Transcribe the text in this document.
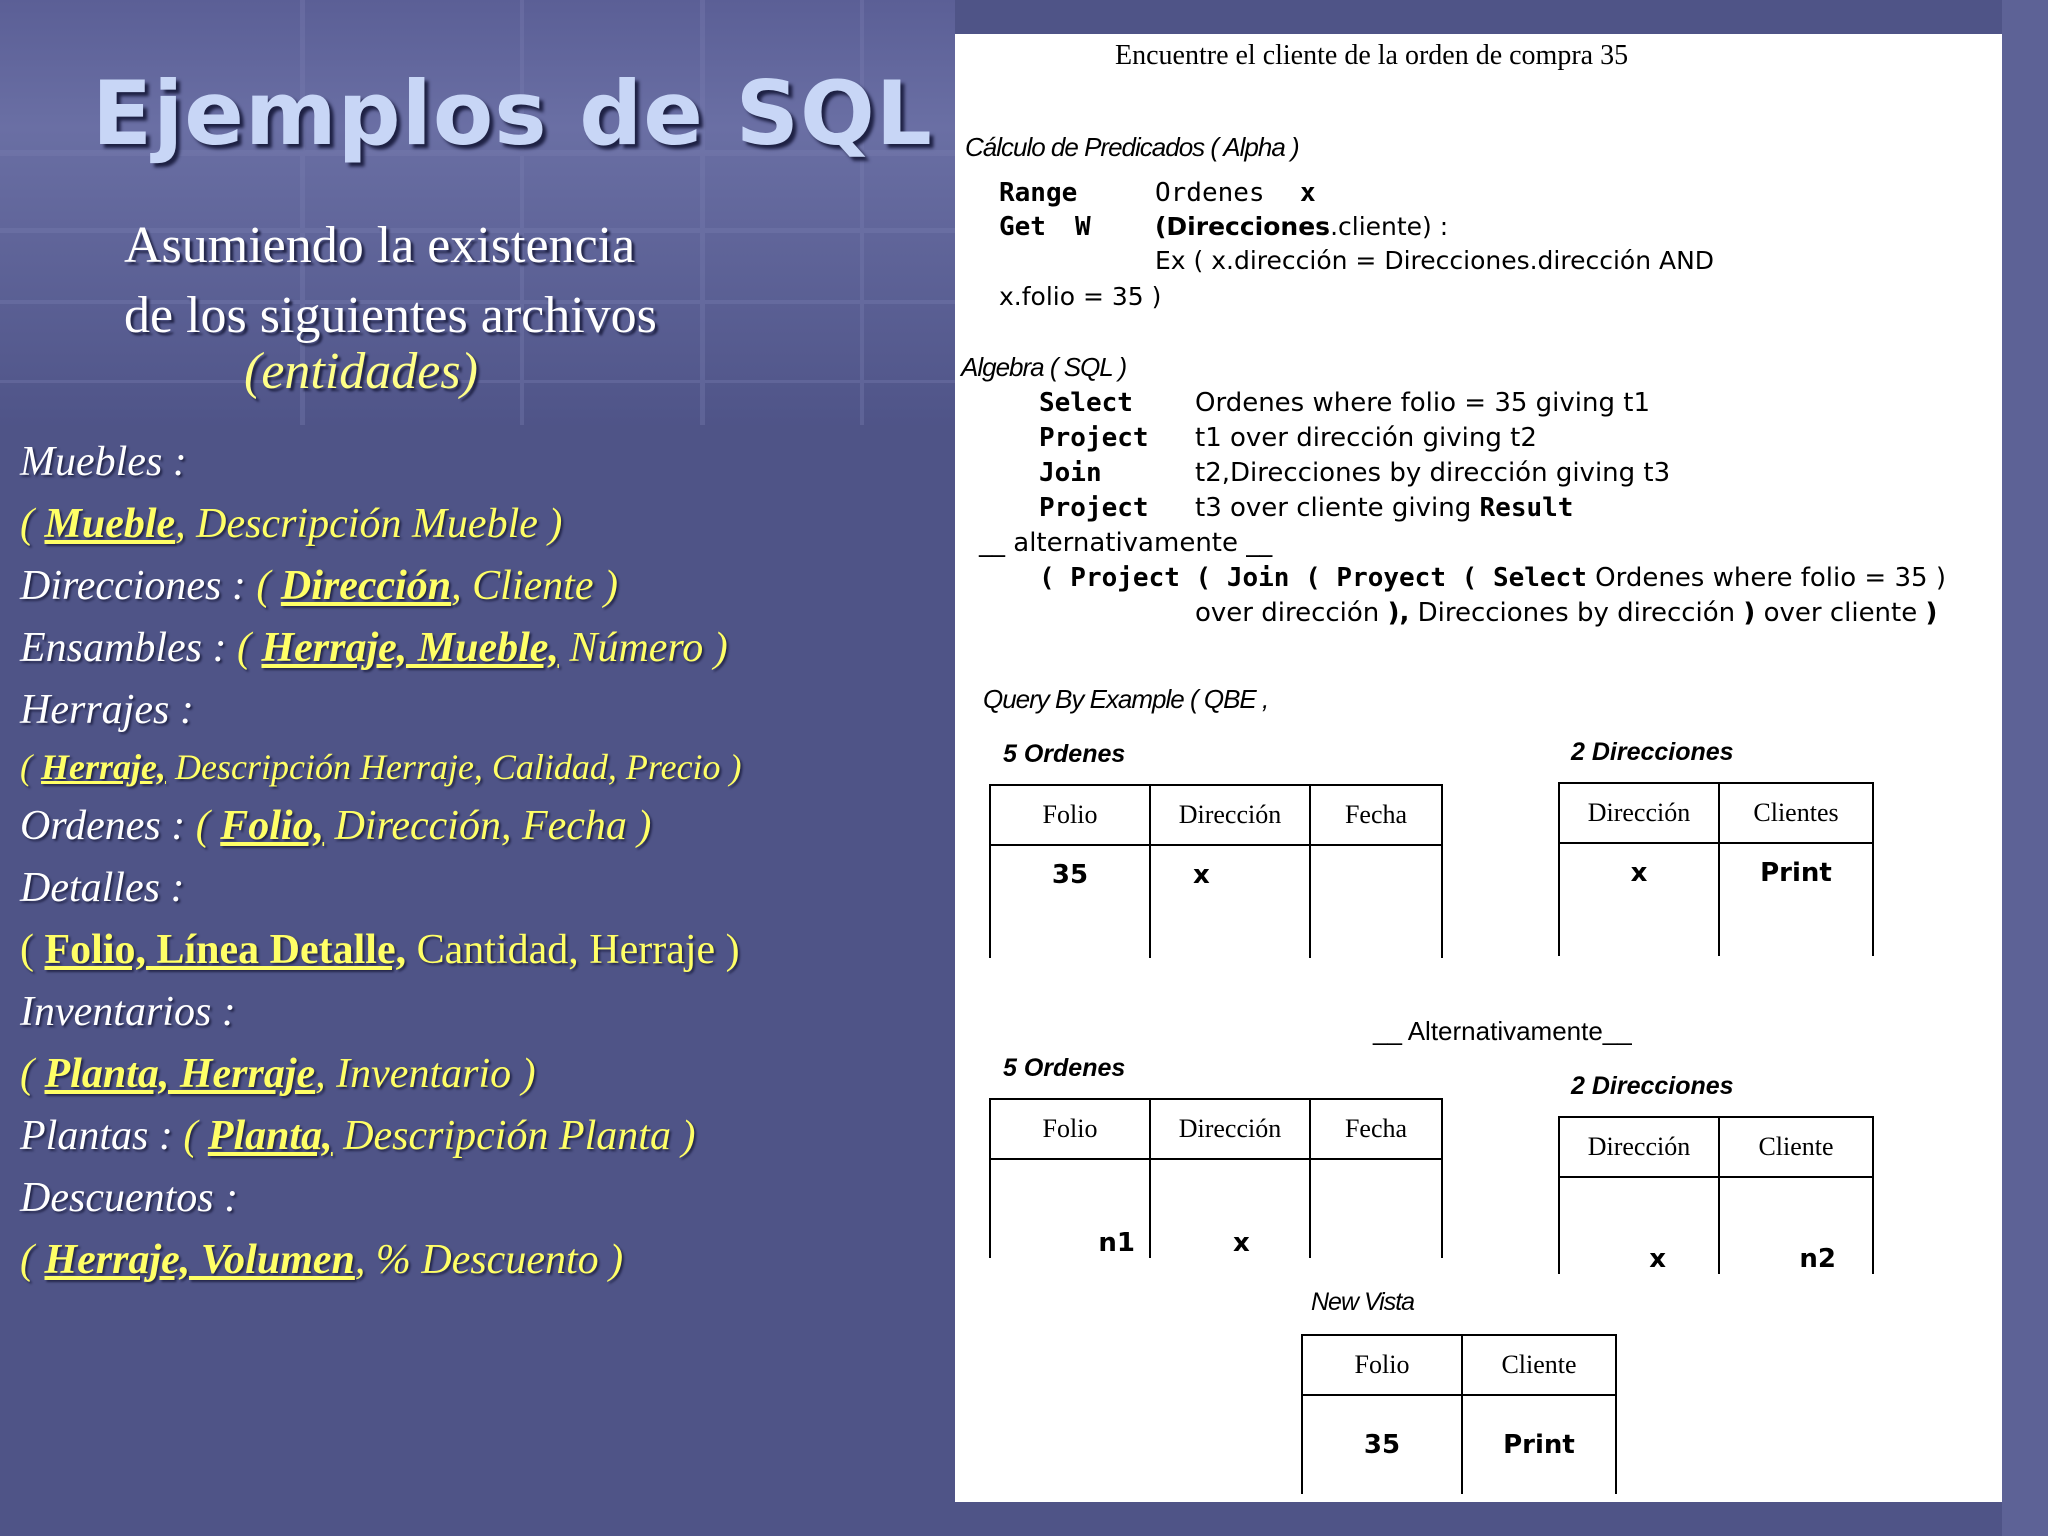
Ejemplos de SQL
Asumiendo la existencia
de los siguientes archivos
(entidades)
Muebles :
( Mueble, Descripción Mueble )
Direcciones : ( Dirección, Cliente )
Ensambles : ( Herraje, Mueble, Número )
Herrajes :
( Herraje, Descripción Herraje, Calidad, Precio )
Ordenes : ( Folio, Dirección, Fecha )
Detalles :
( Folio, Línea Detalle, Cantidad, Herraje )
Inventarios :
( Planta, Herraje, Inventario )
Plantas : ( Planta, Descripción Planta )
Descuentos :
( Herraje, Volumen, % Descuento )
Encuentre el cliente de la orden de compra 35
Cálculo de Predicados ( Alpha )
Range	Ordenes x
Get W	(Direcciones.cliente) :
Ex ( x.dirección = Direcciones.dirección AND
x.folio = 35 )
Algebra ( SQL )
Select Ordenes where folio = 35 giving t1
Project t1 over dirección giving t2
Join	t2,Direcciones by dirección giving t3
Project t3 over cliente giving Result
__ alternativamente __
( Project ( Join ( Proyect ( Select Ordenes where folio = 35 )
over dirección ), Direcciones by dirección ) over cliente )
Query By Example ( QBE ,
5 Ordenes
Folio	Dirección	Fecha
35	x	
2 Direcciones
Dirección	Clientes
x	Print
__ Alternativamente__
5 Ordenes
Folio	Dirección	Fecha
n1	x	
2 Direcciones
Dirección	Cliente
x	n2
New Vista
Folio	Cliente
35	Print
